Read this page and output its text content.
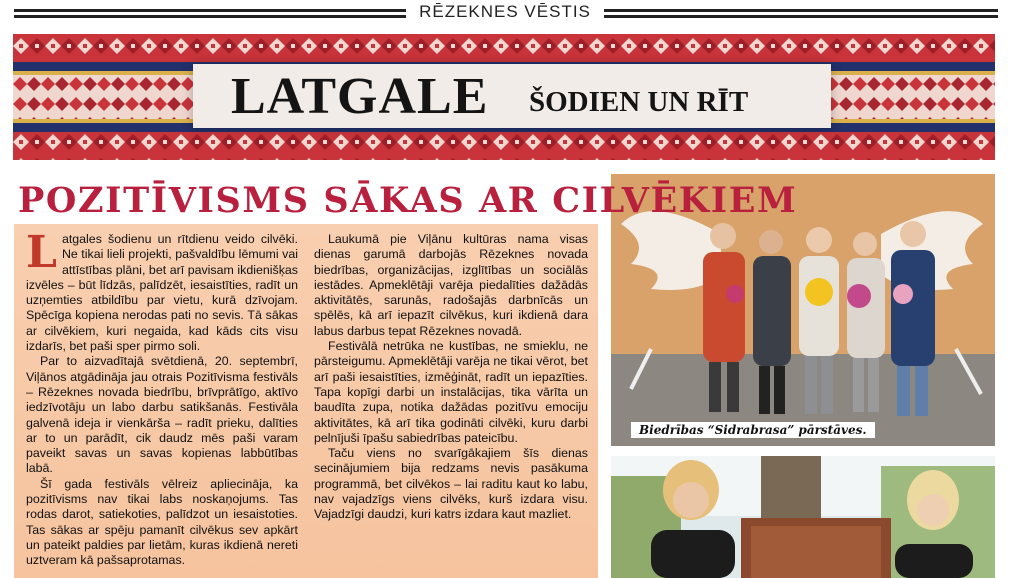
RĒZEKNES VĒSTIS
LATGALE ŠODIEN UN RĪT
POZITĪVISMS SĀKAS AR CILVĒKIEM

Latgales šodienu un rītdienu veido cilvēki. Ne tikai lieli projekti, pašvaldību lēmumi vai attīstības plāni, bet arī pavisam ikdienišķas izvēles – būt līdzās, palīdzēt, iesaistīties, radīt un uzņemties atbildību par vietu, kurā dzīvojam. Spēcīga kopiena nerodas pati no sevis. Tā sākas ar cilvēkiem, kuri negaida, kad kāds cits visu izdarīs, bet paši sper pirmo soli.

Par to aizvadītajā svētdienā, 20. septembrī, Viļānos atgādināja jau otrais Pozitīvisma festivāls – Rēzeknes novada biedrību, brīvprātīgo, aktīvo iedzīvotāju un labo darbu satikšanās. Festivāla galvenā ideja ir vienkārša – radīt prieku, dalīties ar to un parādīt, cik daudz mēs paši varam paveikt savas un savas kopienas labbūtības labā.

Šī gada festivāls vēlreiz apliecināja, ka pozitīvisms nav tikai labs noskaņojums. Tas rodas darot, satiekoties, palīdzot un iesaistoties. Tas sākas ar spēju pamanīt cilvēkus sev apkārt un pateikt paldies par lietām, kuras ikdienā nereti uztveram kā pašsaprotamas.

Laukumā pie Viļānu kultūras nama visas dienas garumā darbojās Rēzeknes novada biedrības, organizācijas, izglītības un sociālās iestādes. Apmeklētāji varēja piedalīties dažādās aktivitātēs, sarunās, radošajās darbnīcās un spēlēs, kā arī iepazīt cilvēkus, kuri ikdienā dara labus darbus tepat Rēzeknes novadā.

Festivālā netrūka ne kustības, ne smieklu, ne pārsteigumu. Apmeklētāji varēja ne tikai vērot, bet arī paši iesaistīties, izmēģināt, radīt un iepazīties. Tapa kopīgi darbi un instalācijas, tika vārīta un baudīta zupa, notika dažādas pozitīvu emociju aktivitātes, kā arī tika godināti cilvēki, kuru darbi pelnījuši īpašu sabiedrības pateicību.

Taču viens no svarīgākajiem šīs dienas secinājumiem bija redzams nevis pasākuma programmā, bet cilvēkos – lai raditu kaut ko labu, nav vajadzīgs viens cilvēks, kurš izdara visu. Vajadzīgi daudzi, kuri katrs izdara kaut mazliet.

Biedrības “Sidrabrasa” pārstāves.
